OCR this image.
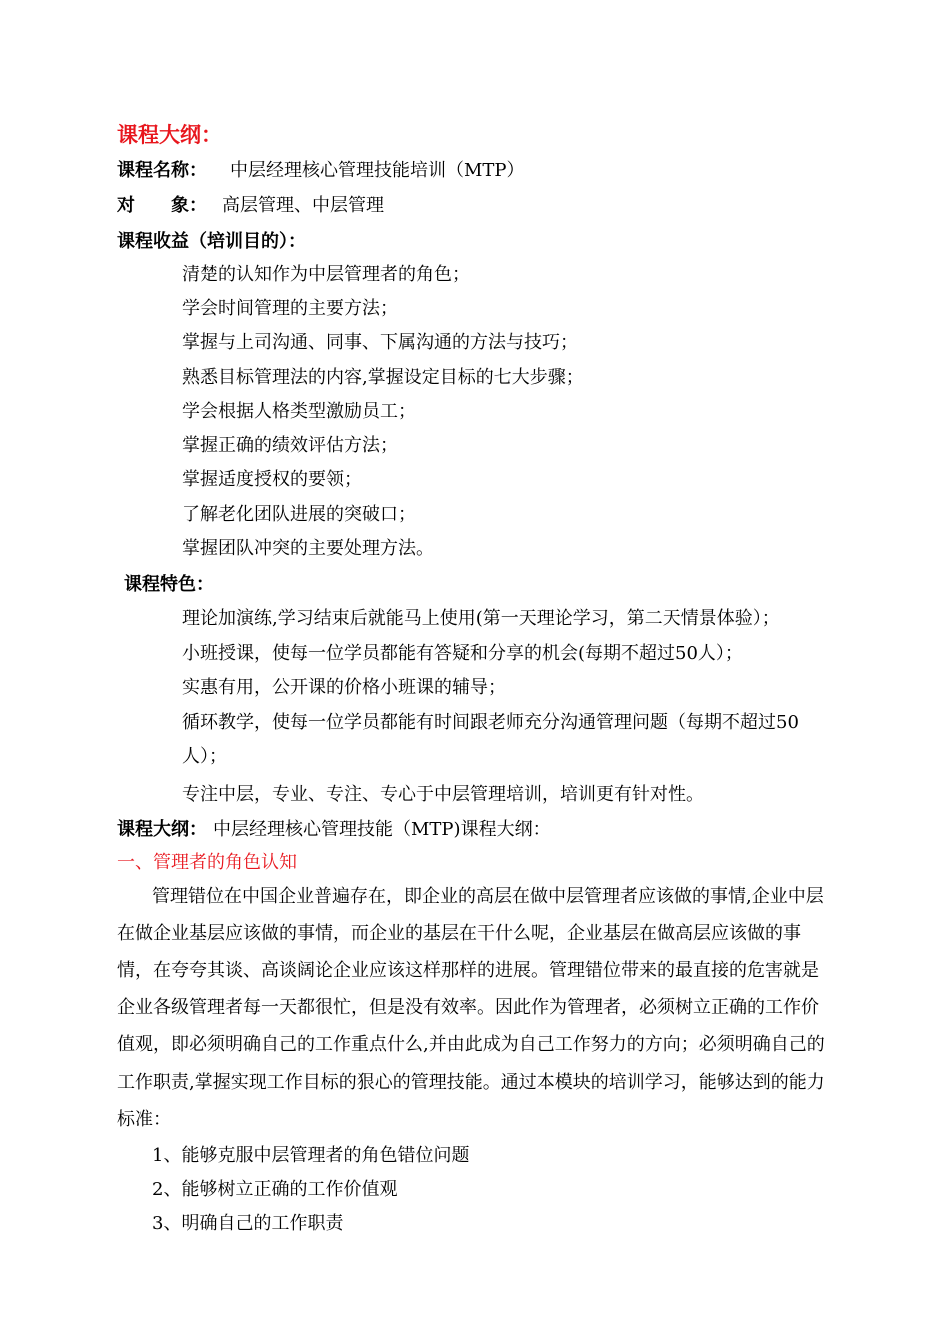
课程大纲：
课程名称： 中层经理核心管理技能培训（MTP）
对　　象： 高层管理、中层管理
课程收益（培训目的）：
清楚的认知作为中层管理者的角色；
学会时间管理的主要方法；
掌握与上司沟通、同事、下属沟通的方法与技巧；
熟悉目标管理法的内容,掌握设定目标的七大步骤；
学会根据人格类型激励员工；
掌握正确的绩效评估方法；
掌握适度授权的要领；
了解老化团队进展的突破口；
掌握团队冲突的主要处理方法。
课程特色：
理论加演练,学习结束后就能马上使用(第一天理论学习，第二天情景体验）；
小班授课，使每一位学员都能有答疑和分享的机会(每期不超过50人）；
实惠有用，公开课的价格小班课的辅导；
循环教学，使每一位学员都能有时间跟老师充分沟通管理问题（每期不超过50
人）；
专注中层，专业、专注、专心于中层管理培训，培训更有针对性。
课程大纲： 中层经理核心管理技能（MTP)课程大纲：
一、管理者的角色认知
管理错位在中国企业普遍存在，即企业的高层在做中层管理者应该做的事情,企业中层
在做企业基层应该做的事情，而企业的基层在干什么呢，企业基层在做高层应该做的事
情，在夸夸其谈、高谈阔论企业应该这样那样的进展。管理错位带来的最直接的危害就是
企业各级管理者每一天都很忙，但是没有效率。因此作为管理者，必须树立正确的工作价
值观，即必须明确自己的工作重点什么,并由此成为自己工作努力的方向；必须明确自己的
工作职责,掌握实现工作目标的狠心的管理技能。通过本模块的培训学习，能够达到的能力
标准：
1、能够克服中层管理者的角色错位问题
2、能够树立正确的工作价值观
3、明确自己的工作职责
